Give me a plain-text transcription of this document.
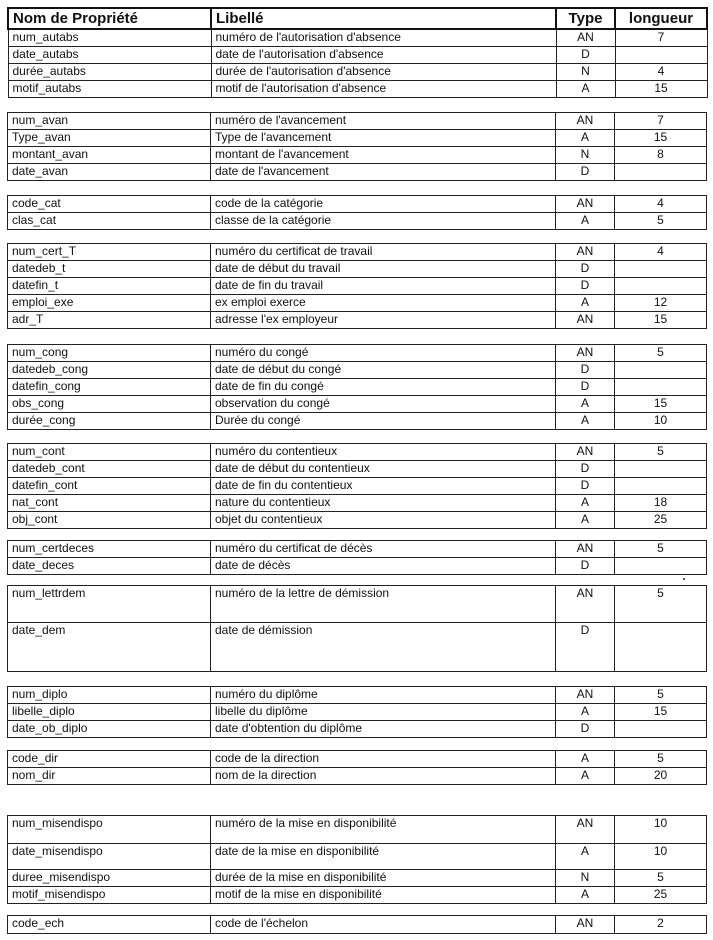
Nom de Propriété	Libellé	Type	longueur
num_autabs	numéro de l'autorisation d'absence	AN	7
date_autabs	date de l'autorisation d'absence	D	
durée_autabs	durée de l'autorisation d'absence	N	4
motif_autabs	motif de l'autorisation d'absence	A	15
num_avan	numéro de l'avancement	AN	7
Type_avan	Type de l'avancement	A	15
montant_avan	montant de l'avancement	N	8
date_avan	date de l'avancement	D	
code_cat	code de la catégorie	AN	4
clas_cat	classe de la catégorie	A	5
num_cert_T	numéro du certificat de travail	AN	4
datedeb_t	date de début du travail	D	
datefin_t	date de fin du travail	D	
emploi_exe	ex emploi exerce	A	12
adr_T	adresse l'ex employeur	AN	15
num_cong	numéro du congé	AN	5
datedeb_cong	date de début du congé	D	
datefin_cong	date de fin du congé	D	
obs_cong	observation du congé	A	15
durée_cong	Durée du congé	A	10
num_cont	numéro du contentieux	AN	5
datedeb_cont	date de début du contentieux	D	
datefin_cont	date de fin du contentieux	D	
nat_cont	nature du contentieux	A	18
obj_cont	objet du contentieux	A	25
num_certdeces	numéro du certificat de décès	AN	5
date_deces	date de décès	D	
num_lettrdem	numéro de la lettre de démission	AN	5
date_dem	date de démission	D	
num_diplo	numéro du diplôme	AN	5
libelle_diplo	libelle du diplôme	A	15
date_ob_diplo	date d'obtention du diplôme	D	
code_dir	code de la direction	A	5
nom_dir	nom de la direction	A	20
num_misendispo	numéro de la mise en disponibilité	AN	10
date_misendispo	date de la mise en disponibilité	A	10
duree_misendispo	durée de la mise en disponibilité	N	5
motif_misendispo	motif de la mise en disponibilité	A	25
code_ech	code de l'échelon	AN	2
